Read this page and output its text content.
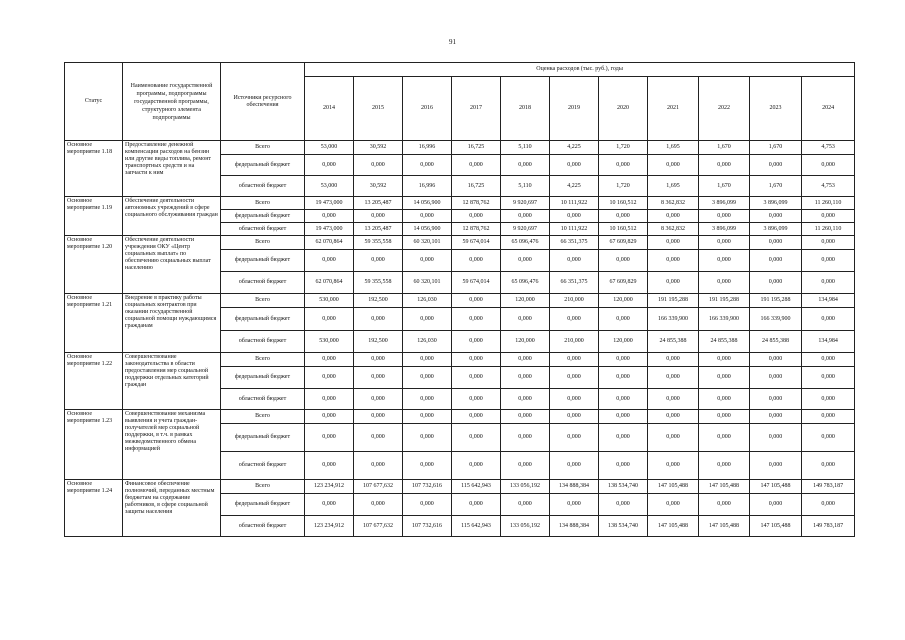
91
Статус	Наименование государственной программы, подпрограммы государственной программы, структурного элемента подпрограммы	Источники ресурсного обеспечения	Оценка расходов (тыс. руб.), годы										
			2014	2015	2016	2017	2018	2019	2020	2021	2022	2023	2024
Основное мероприятие 1.18	Предоставление денежной компенсации расходов на бензин или другие виды топлива, ремонт транспортных средств и на запчасти к ним	Всего	53,000	30,592	16,996	16,725	5,110	4,225	1,720	1,695	1,670	1,670	4,753
		федеральный бюджет	0,000	0,000	0,000	0,000	0,000	0,000	0,000	0,000	0,000	0,000	0,000
		областной бюджет	53,000	30,592	16,996	16,725	5,110	4,225	1,720	1,695	1,670	1,670	4,753
Основное мероприятие 1.19	Обеспечение деятельности автономных учреждений в сфере социального обслуживания граждан	Всего	19 473,000	13 205,487	14 056,900	12 878,762	9 920,697	10 111,922	10 160,512	8 362,832	3 896,099	3 896,099	11 260,110
		федеральный бюджет	0,000	0,000	0,000	0,000	0,000	0,000	0,000	0,000	0,000	0,000	0,000
		областной бюджет	19 473,000	13 205,487	14 056,900	12 878,762	9 920,697	10 111,922	10 160,512	8 362,832	3 896,099	3 896,099	11 260,110
Основное мероприятие 1.20	Обеспечение деятельности учреждения ОКУ «Центр социальных выплат» по обеспечению социальных выплат населению	Всего	62 070,864	59 355,558	60 320,101	59 674,014	65 096,476	66 351,375	67 609,829	0,000	0,000	0,000	0,000
		федеральный бюджет	0,000	0,000	0,000	0,000	0,000	0,000	0,000	0,000	0,000	0,000	0,000
		областной бюджет	62 070,864	59 355,558	60 320,101	59 674,014	65 096,476	66 351,375	67 609,829	0,000	0,000	0,000	0,000
Основное мероприятие 1.21	Внедрение в практику работы социальных контрактов при оказании государственной социальной помощи нуждающимся гражданам	Всего	530,000	192,500	126,030	0,000	120,000	210,000	120,000	191 195,288	191 195,288	191 195,288	134,984
		федеральный бюджет	0,000	0,000	0,000	0,000	0,000	0,000	0,000	166 339,900	166 339,900	166 339,900	0,000
		областной бюджет	530,000	192,500	126,030	0,000	120,000	210,000	120,000	24 855,388	24 855,388	24 855,388	134,984
Основное мероприятие 1.22	Совершенствование законодательства в области предоставления мер социальной поддержки отдельных категорий граждан	Всего	0,000	0,000	0,000	0,000	0,000	0,000	0,000	0,000	0,000	0,000	0,000
		федеральный бюджет	0,000	0,000	0,000	0,000	0,000	0,000	0,000	0,000	0,000	0,000	0,000
		областной бюджет	0,000	0,000	0,000	0,000	0,000	0,000	0,000	0,000	0,000	0,000	0,000
Основное мероприятие 1.23	Совершенствование механизма выявления и учета граждан-получателей мер социальной поддержки, в т.ч. в рамках межведомственного обмена информацией	Всего	0,000	0,000	0,000	0,000	0,000	0,000	0,000	0,000	0,000	0,000	0,000
		федеральный бюджет	0,000	0,000	0,000	0,000	0,000	0,000	0,000	0,000	0,000	0,000	0,000
		областной бюджет	0,000	0,000	0,000	0,000	0,000	0,000	0,000	0,000	0,000	0,000	0,000
Основное мероприятие 1.24	Финансовое обеспечение полномочий, переданных местным бюджетам на содержание работников, в сфере социальной защиты населения	Всего	123 234,912	107 677,632	107 732,616	115 642,943	133 056,192	134 888,384	138 534,740	147 105,488	147 105,488	147 105,488	149 783,187
		федеральный бюджет	0,000	0,000	0,000	0,000	0,000	0,000	0,000	0,000	0,000	0,000	0,000
		областной бюджет	123 234,912	107 677,632	107 732,616	115 642,943	133 056,192	134 888,384	138 534,740	147 105,488	147 105,488	147 105,488	149 783,187
